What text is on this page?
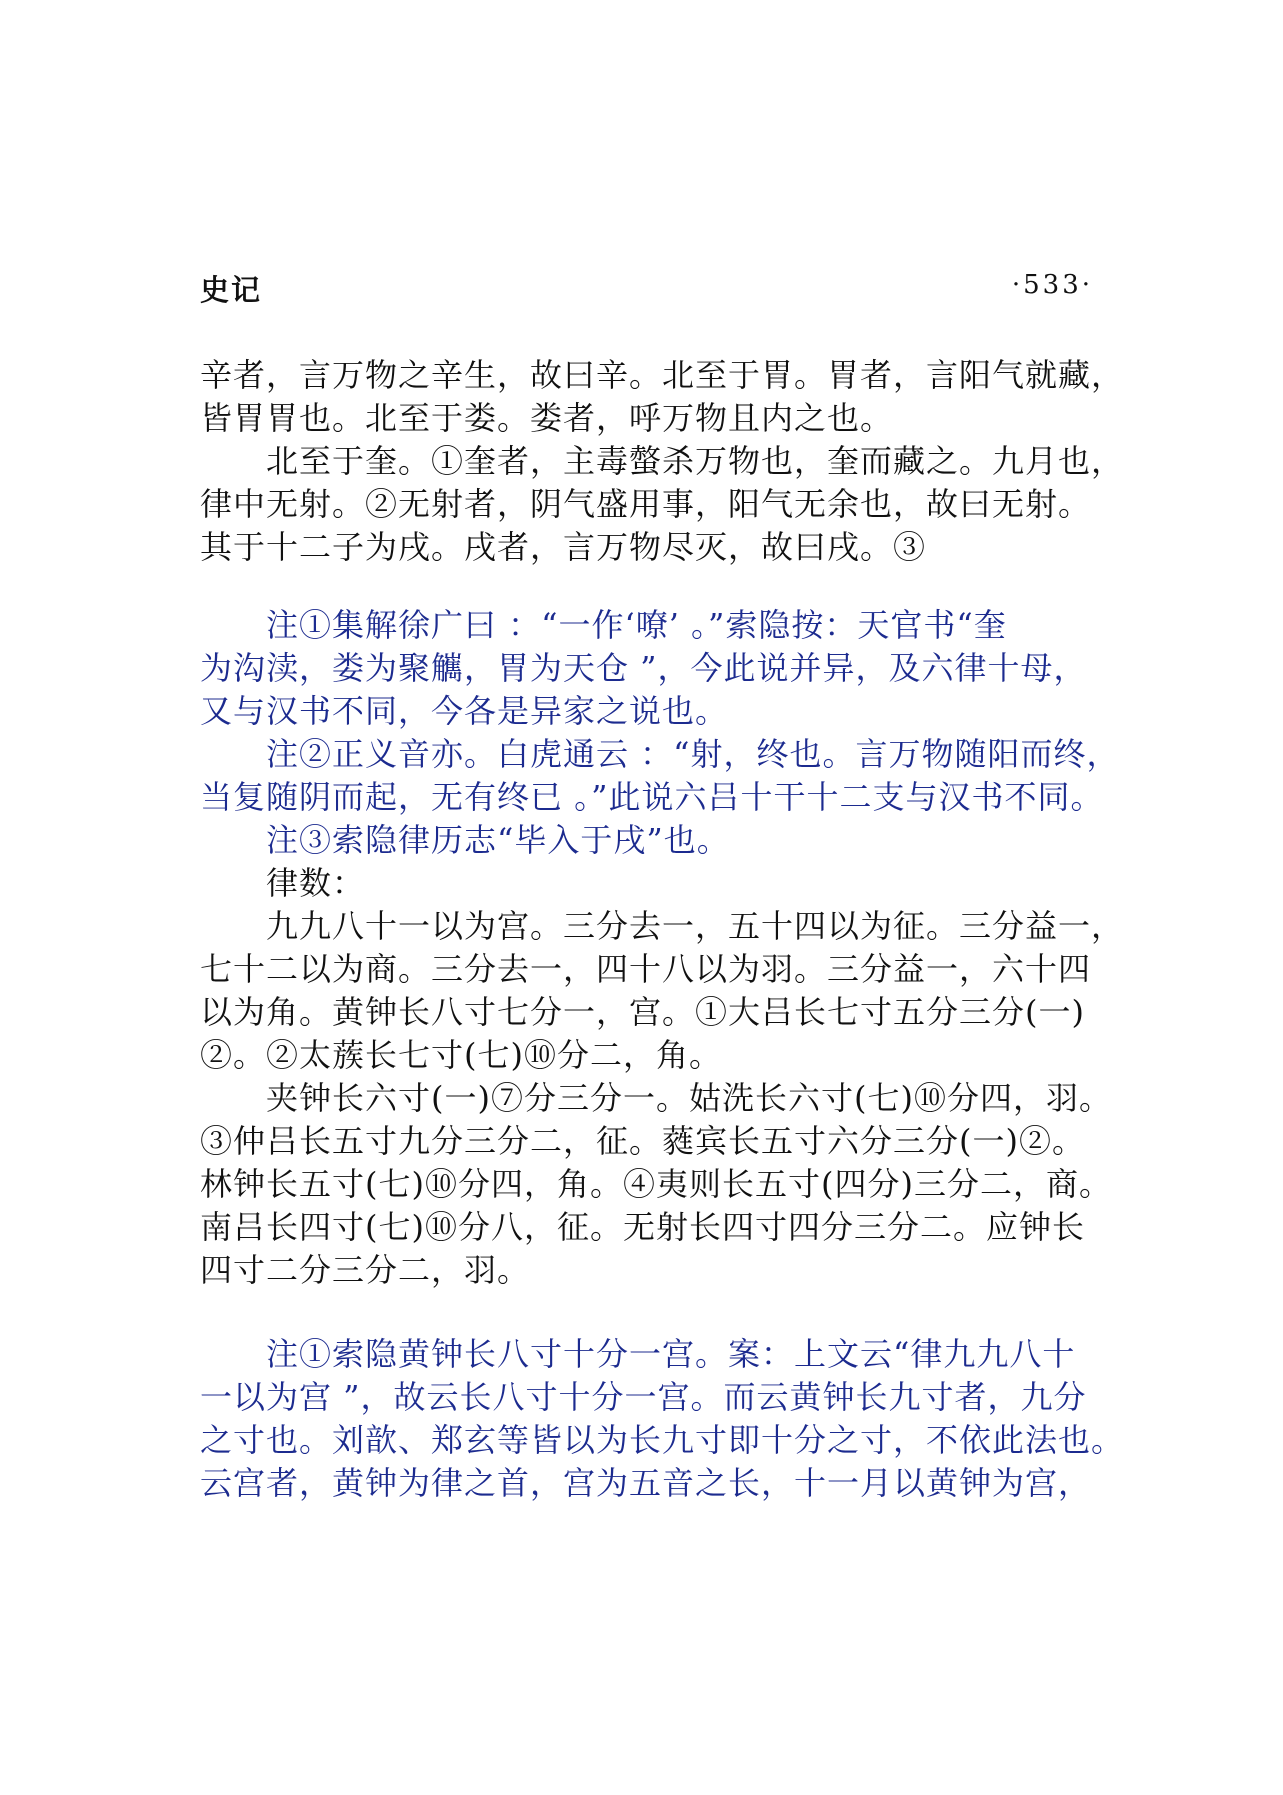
史记	·533·
辛者，言万物之辛生，故曰辛。北至于胃。胃者，言阳气就藏，
皆胃胃也。北至于娄。娄者，呼万物且内之也。
北至于奎。①奎者，主毒螫杀万物也，奎而藏之。九月也，
律中无射。②无射者，阴气盛用事，阳气无余也，故曰无射。
其于十二子为戌。戌者，言万物尽灭，故曰戌。③
注①集解徐广曰 ：“一作‘嘹’ 。”索隐按：天官书“奎
为沟渎，娄为聚觽，胃为天仓 ”，今此说并异，及六律十母，
又与汉书不同，今各是异家之说也。
注②正义音亦。白虎通云 ：“射，终也。言万物随阳而终，
当复随阴而起，无有终已 。”此说六吕十干十二支与汉书不同。
注③索隐律历志“毕入于戌”也。
律数：
九九八十一以为宫。三分去一，五十四以为征。三分益一，
七十二以为商。三分去一，四十八以为羽。三分益一，六十四
以为角。黄钟长八寸七分一，宫。①大吕长七寸五分三分(一)
②。②太蔟长七寸(七)⑩分二，角。
夹钟长六寸(一)⑦分三分一。姑洗长六寸(七)⑩分四，羽。
③仲吕长五寸九分三分二，征。蕤宾长五寸六分三分(一)②。
林钟长五寸(七)⑩分四，角。④夷则长五寸(四分)三分二，商。
南吕长四寸(七)⑩分八，征。无射长四寸四分三分二。应钟长
四寸二分三分二，羽。
注①索隐黄钟长八寸十分一宫。案：上文云“律九九八十
一以为宫 ”，故云长八寸十分一宫。而云黄钟长九寸者，九分
之寸也。刘歆、郑玄等皆以为长九寸即十分之寸，不依此法也。
云宫者，黄钟为律之首，宫为五音之长，十一月以黄钟为宫，
